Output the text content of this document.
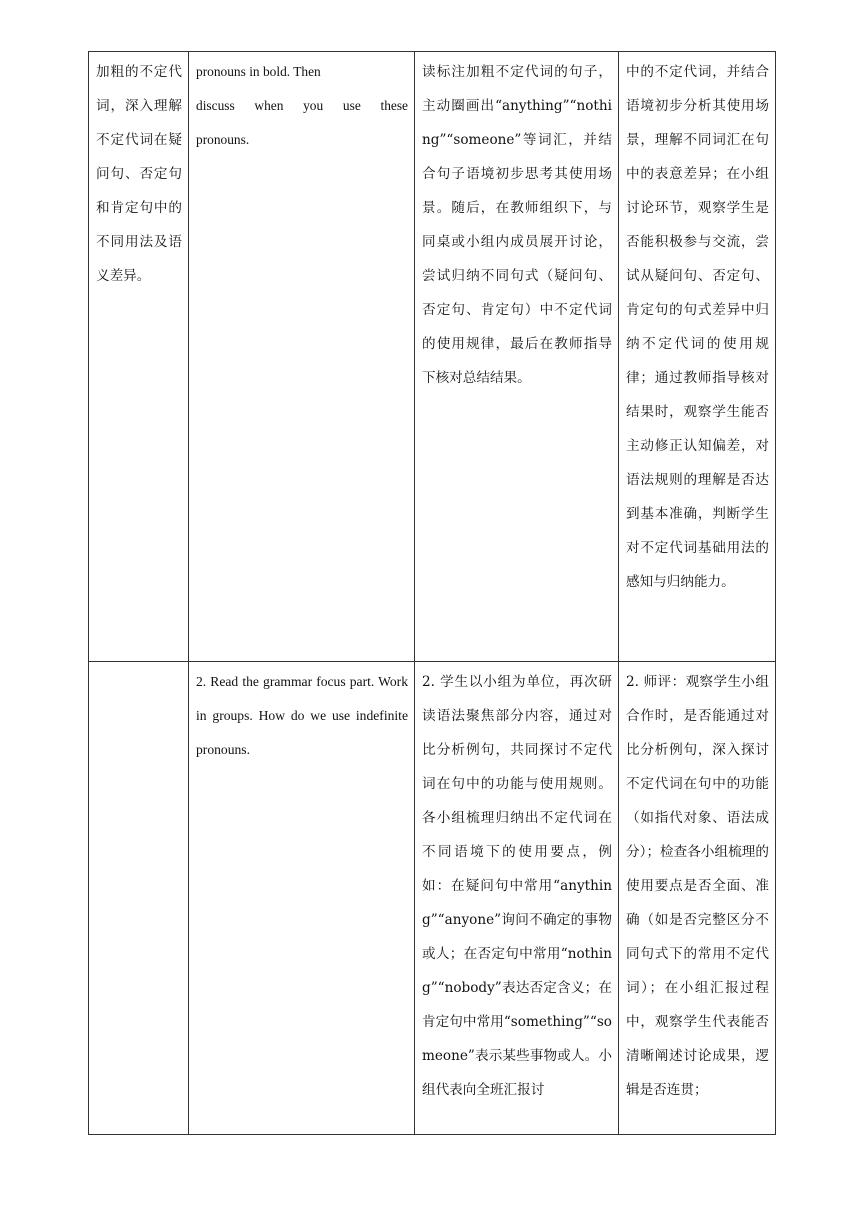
加粗的不定代词，深入理解不定代词在疑问句、否定句和肯定句中的不同用法及语义差异。	pronouns in bold. Then
discuss when you use these
pronouns.	读标注加粗不定代词的句子，主动圈画出“anything”“nothing”“someone”等词汇，并结合句子语境初步思考其使用场景。随后，在教师组织下，与同桌或小组内成员展开讨论，尝试归纳不同句式（疑问句、否定句、肯定句）中不定代词的使用规律，最后在教师指导下核对总结结果。	中的不定代词，并结合语境初步分析其使用场景，理解不同词汇在句中的表意差异；在小组讨论环节，观察学生是否能积极参与交流，尝试从疑问句、否定句、肯定句的句式差异中归纳不定代词的使用规律；通过教师指导核对结果时，观察学生能否主动修正认知偏差，对语法规则的理解是否达到基本准确，判断学生对不定代词基础用法的感知与归纳能力。

	2. Read the grammar focus part. Work in groups. How do we use indefinite pronouns.	2. 学生以小组为单位，再次研读语法聚焦部分内容，通过对比分析例句，共同探讨不定代词在句中的功能与使用规则。各小组梳理归纳出不定代词在不同语境下的使用要点，例如：在疑问句中常用“anything”“anyone”询问不确定的事物或人；在否定句中常用“nothing”“nobody”表达否定含义；在肯定句中常用“something”“someone”表示某些事物或人。小组代表向全班汇报讨	2. 师评：观察学生小组合作时，是否能通过对比分析例句，深入探讨不定代词在句中的功能（如指代对象、语法成分）；检查各小组梳理的使用要点是否全面、准确（如是否完整区分不同句式下的常用不定代词）；在小组汇报过程中，观察学生代表能否清晰阐述讨论成果，逻辑是否连贯；
